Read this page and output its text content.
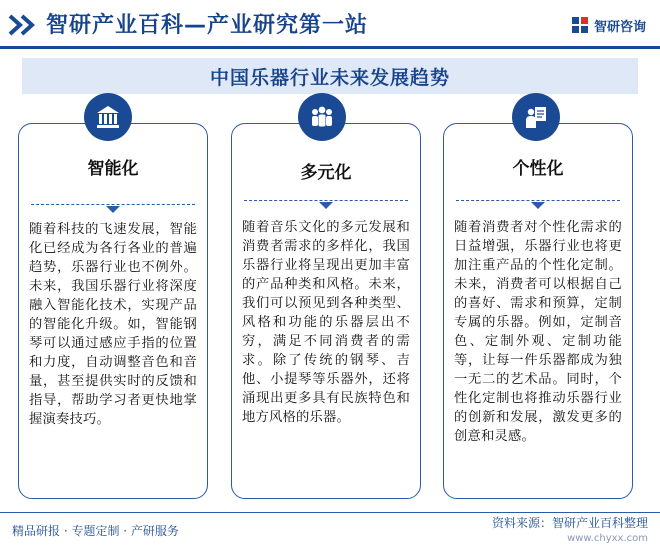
智研产业百科—产业研究第一站	智研咨询
中国乐器行业未来发展趋势
智能化
随着科技的飞速发展，智能化已经成为各行各业的普遍趋势，乐器行业也不例外。未来，我国乐器行业将深度融入智能化技术，实现产品的智能化升级。如，智能钢琴可以通过感应手指的位置和力度，自动调整音色和音量，甚至提供实时的反馈和指导，帮助学习者更快地掌握演奏技巧。
多元化
随着音乐文化的多元发展和消费者需求的多样化，我国乐器行业将呈现出更加丰富的产品种类和风格。未来，我们可以预见到各种类型、风格和功能的乐器层出不穷，满足不同消费者的需求。除了传统的钢琴、吉他、小提琴等乐器外，还将涌现出更多具有民族特色和地方风格的乐器。
个性化
随着消费者对个性化需求的日益增强，乐器行业也将更加注重产品的个性化定制。未来，消费者可以根据自己的喜好、需求和预算，定制专属的乐器。例如，定制音色、定制外观、定制功能等，让每一件乐器都成为独一无二的艺术品。同时，个性化定制也将推动乐器行业的创新和发展，激发更多的创意和灵感。
精品研报 · 专题定制 · 产研服务
资料来源：智研产业百科整理
www.chyxx.com
